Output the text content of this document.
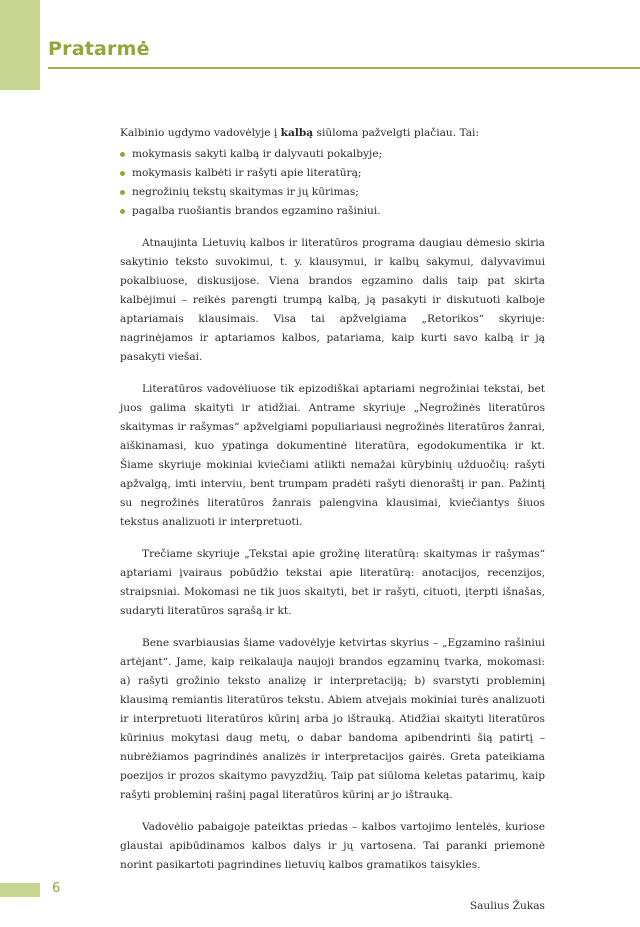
Pratarmė

Kalbinio ugdymo vadovėlyje į kalbą siūloma pažvelgti plačiau. Tai:

mokymasis sakyti kalbą ir dalyvauti pokalbyje;
mokymasis kalbėti ir rašyti apie literatūrą;
negrožinių tekstų skaitymas ir jų kūrimas;
pagalba ruošiantis brandos egzamino rašiniui.

Atnaujinta Lietuvių kalbos ir literatūros programa daugiau dėmesio skiria sakytinio teksto suvokimui, t. y. klausymui, ir kalbų sakymui, dalyvavimui pokalbiuose, diskusijose. Viena brandos egzamino dalis taip pat skirta kalbėjimui – reikės parengti trumpą kalbą, ją pasakyti ir diskutuoti kalboje aptariamais klausimais. Visa tai apžvelgiama „Retorikos“ skyriuje: nagrinėjamos ir aptariamos kalbos, patariama, kaip kurti savo kalbą ir ją pasakyti viešai.

Literatūros vadovėliuose tik epizodiškai aptariami negrožiniai tekstai, bet juos galima skaityti ir atidžiai. Antrame skyriuje „Negrožinės literatūros skaitymas ir rašymas“ apžvelgiami populiariausi negrožinės literatūros žanrai, aiškinamasi, kuo ypatinga dokumentinė literatūra, egodokumentika ir kt. Šiame skyriuje mokiniai kviečiami atlikti nemažai kūrybinių užduočių: rašyti apžvalgą, imti interviu, bent trumpam pradėti rašyti dienoraštį ir pan. Pažintį su negrožinės literatūros žanrais palengvina klausimai, kviečiantys šiuos tekstus analizuoti ir interpretuoti.

Trečiame skyriuje „Tekstai apie grožinę literatūrą: skaitymas ir rašymas“ aptariami įvairaus pobūdžio tekstai apie literatūrą: anotacijos, recenzijos, straipsniai. Mokomasi ne tik juos skaityti, bet ir rašyti, cituoti, įterpti išnašas, sudaryti literatūros sąrašą ir kt.

Bene svarbiausias šiame vadovėlyje ketvirtas skyrius – „Egzamino rašiniui artėjant“. Jame, kaip reikalauja naujoji brandos egzaminų tvarka, mokomasi: a) rašyti grožinio teksto analizę ir interpretaciją; b) svarstyti probleminį klausimą remiantis literatūros tekstu. Abiem atvejais mokiniai turės analizuoti ir interpretuoti literatūros kūrinį arba jo ištrauką. Atidžiai skaityti literatūros kūrinius mokytasi daug metų, o dabar bandoma apibendrinti šią patirtį – nubrėžiamos pagrindinės analizės ir interpretacijos gairės. Greta pateikiama poezijos ir prozos skaitymo pavyzdžių. Taip pat siūloma keletas patarimų, kaip rašyti probleminį rašinį pagal literatūros kūrinį ar jo ištrauką.

Vadovėlio pabaigoje pateiktas priedas – kalbos vartojimo lentelės, kuriose glaustai apibūdinamos kalbos dalys ir jų vartosena. Tai paranki priemonė norint pasikartoti pagrindines lietuvių kalbos gramatikos taisykles.

Saulius Žukas
6
